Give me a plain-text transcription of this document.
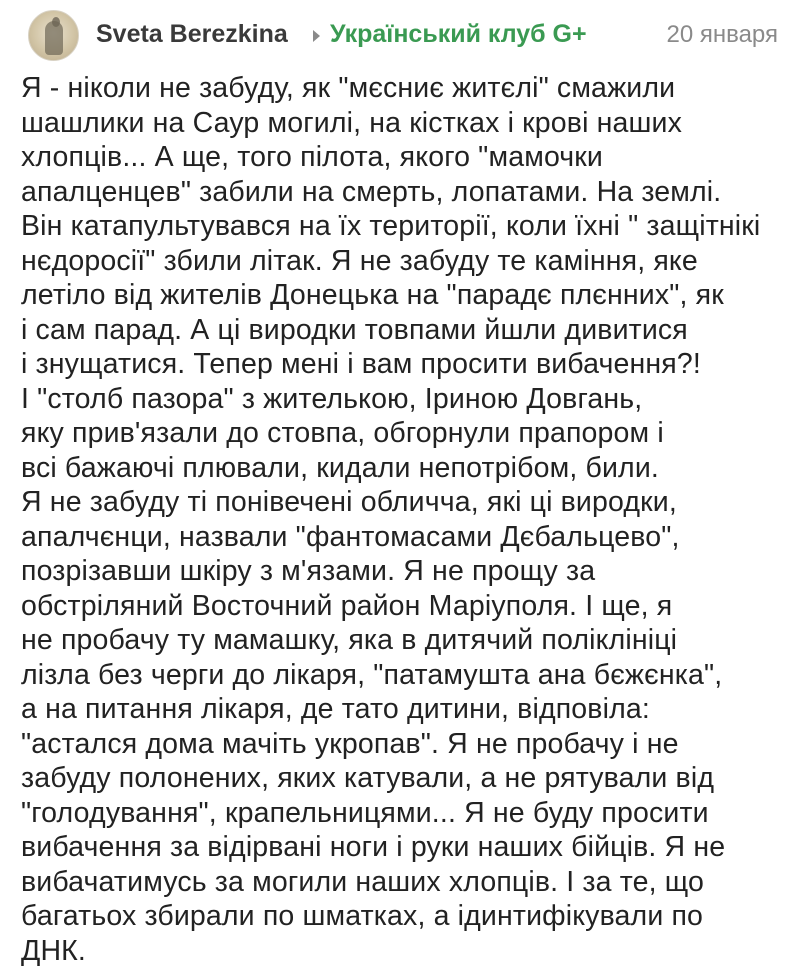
Sveta Berezkina Український клуб G+	20 января
Я - ніколи не забуду, як "мєсниє житєлі" смажили
шашлики на Саур могилі, на кістках і крові наших
хлопців... А ще, того пілота, якого "мамочки
апалценцев" забили на смерть, лопатами. На землі.
Він катапультувався на їх території, коли їхні " защітнікі
нєдоросії" збили літак. Я не забуду те каміння, яке
летіло від жителів Донецька на "парадє плєнних", як
і сам парад. А ці виродки товпами йшли дивитися
і знущатися. Тепер мені і вам просити вибачення?!
І "столб пазора" з жителькою, Іриною Довгань,
яку прив'язали до стовпа, обгорнули прапором і
всі бажаючі плювали, кидали непотрібом, били.
Я не забуду ті понівечені обличча, які ці виродки,
апалчєнци, назвали "фантомасами Дєбальцево",
позрізавши шкіру з м'язами. Я не прощу за
обстріляний Восточний район Маріуполя. І ще, я
не пробачу ту мамашку, яка в дитячий поліклініці
лізла без черги до лікаря, "патамушта ана бєжєнка",
а на питання лікаря, де тато дитини, відповіла:
"астался дома мачіть укропав". Я не пробачу і не
забуду полонених, яких катували, а не рятували від
"голодування", крапельницями... Я не буду просити
вибачення за відірвані ноги і руки наших бійців. Я не
вибачатимусь за могили наших хлопців. І за те, що
багатьох збирали по шматках, а ідинтифікували по
ДНК.
